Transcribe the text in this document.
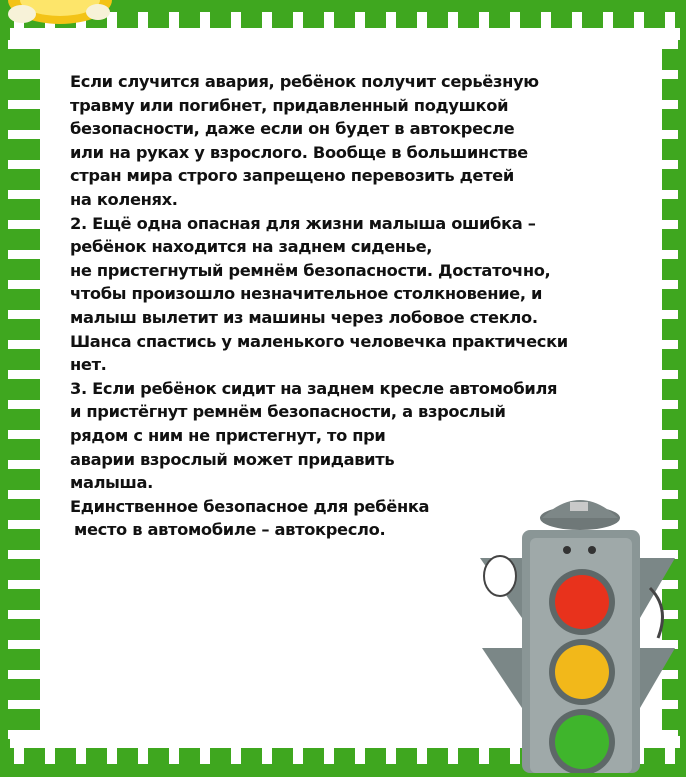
Если случится авария, ребёнок получит серьёзную

травму или погибнет, придавленный подушкой

безопасности, даже если он будет в автокресле

или на руках у взрослого. Вообще в большинстве

стран мира строго запрещено перевозить детей

на коленях.

2. Ещё одна опасная для жизни малыша ошибка –

ребёнок находится на заднем сиденье,

не пристегнутый ремнём безопасности. Достаточно,

чтобы произошло незначительное столкновение, и

малыш вылетит из машины через лобовое стекло.

Шанса спастись у маленького человечка практически

нет.

3. Если ребёнок сидит на заднем кресле автомобиля

и пристёгнут ремнём безопасности, а взрослый

рядом с ним не пристегнут, то при

аварии взрослый может придавить

малыша.

Единственное безопасное для ребёнка

место в автомобиле – автокресло.
